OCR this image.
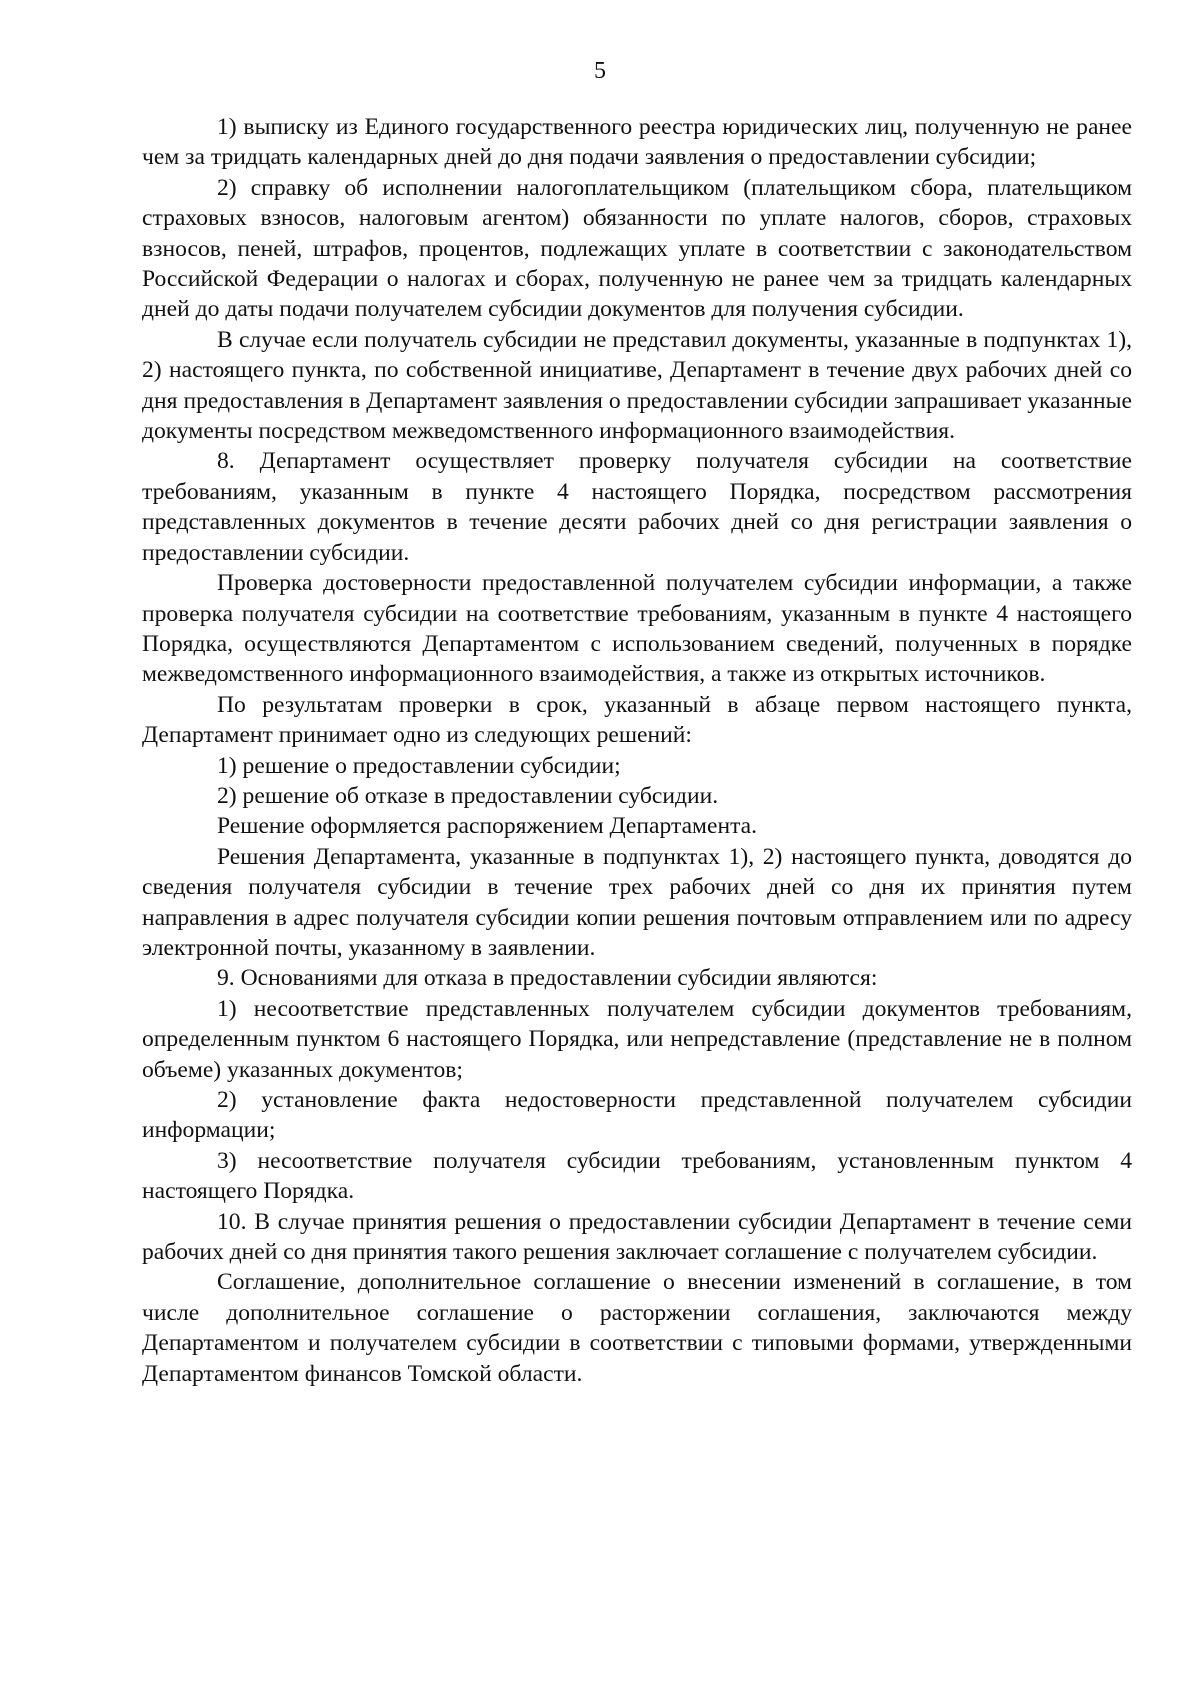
5

1) выписку из Единого государственного реестра юридических лиц, полученную не ранее чем за тридцать календарных дней до дня подачи заявления о предоставлении субсидии;

2) справку об исполнении налогоплательщиком (плательщиком сбора, плательщиком страховых взносов, налоговым агентом) обязанности по уплате налогов, сборов, страховых взносов, пеней, штрафов, процентов, подлежащих уплате в соответствии с законодательством Российской Федерации о налогах и сборах, полученную не ранее чем за тридцать календарных дней до даты подачи получателем субсидии документов для получения субсидии.

В случае если получатель субсидии не представил документы, указанные в подпунктах 1), 2) настоящего пункта, по собственной инициативе, Департамент в течение двух рабочих дней со дня предоставления в Департамент заявления о предоставлении субсидии запрашивает указанные документы посредством межведомственного информационного взаимодействия.

8. Департамент осуществляет проверку получателя субсидии на соответствие требованиям, указанным в пункте 4 настоящего Порядка, посредством рассмотрения представленных документов в течение десяти рабочих дней со дня регистрации заявления о предоставлении субсидии.

Проверка достоверности предоставленной получателем субсидии информации, а также проверка получателя субсидии на соответствие требованиям, указанным в пункте 4 настоящего Порядка, осуществляются Департаментом с использованием сведений, полученных в порядке межведомственного информационного взаимодействия, а также из открытых источников.

По результатам проверки в срок, указанный в абзаце первом настоящего пункта, Департамент принимает одно из следующих решений:

1) решение о предоставлении субсидии;

2) решение об отказе в предоставлении субсидии.

Решение оформляется распоряжением Департамента.

Решения Департамента, указанные в подпунктах 1), 2) настоящего пункта, доводятся до сведения получателя субсидии в течение трех рабочих дней со дня их принятия путем направления в адрес получателя субсидии копии решения почтовым отправлением или по адресу электронной почты, указанному в заявлении.

9. Основаниями для отказа в предоставлении субсидии являются:

1) несоответствие представленных получателем субсидии документов требованиям, определенным пунктом 6 настоящего Порядка, или непредставление (представление не в полном объеме) указанных документов;

2) установление факта недостоверности представленной получателем субсидии информации;

3) несоответствие получателя субсидии требованиям, установленным пунктом 4 настоящего Порядка.

10. В случае принятия решения о предоставлении субсидии Департамент в течение семи рабочих дней со дня принятия такого решения заключает соглашение с получателем субсидии.

Соглашение, дополнительное соглашение о внесении изменений в соглашение, в том числе дополнительное соглашение о расторжении соглашения, заключаются между Департаментом и получателем субсидии в соответствии с типовыми формами, утвержденными Департаментом финансов Томской области.
